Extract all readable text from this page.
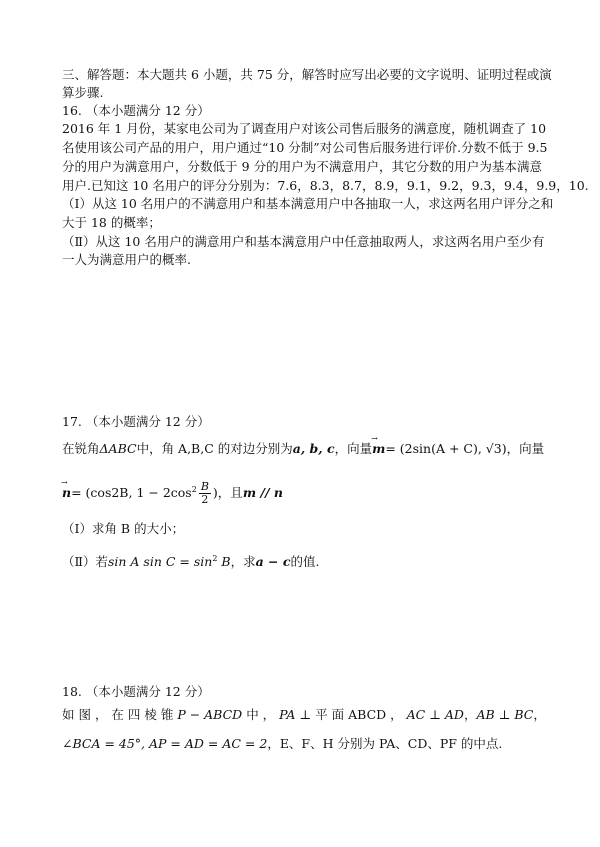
三、解答题：本大题共 6 小题，共 75 分，解答时应写出必要的文字说明、证明过程或演
算步骤.
16. （本小题满分 12 分）
2016 年 1 月份，某家电公司为了调查用户对该公司售后服务的满意度，随机调查了 10
名使用该公司产品的用户，用户通过“10 分制”对公司售后服务进行评价.分数不低于 9.5
分的用户为满意用户，分数低于 9 分的用户为不满意用户，其它分数的用户为基本满意
用户.已知这 10 名用户的评分分别为：7.6，8.3，8.7，8.9，9.1，9.2，9.3，9.4，9.9，10.
（Ⅰ）从这 10 名用户的不满意用户和基本满意用户中各抽取一人，求这两名用户评分之和
大于 18 的概率；
（Ⅱ）从这 10 名用户的满意用户和基本满意用户中任意抽取两人，求这两名用户至少有
一人为满意用户的概率.
17. （本小题满分 12 分）
在锐角ΔABC中，角 A,B,C 的对边分别为a, b, c，向量→ m= (2sin(A + C), √3)，向量
→ n= (cos2B, $1 - 2\cos^2 \frac{B}{2}$ )，且m // n
（Ⅰ）求角 B 的大小；
（Ⅱ）若sin A $\sin C = \sin^2 B$，求a − c的值.
18. （本小题满分 12 分）
如 图 ， 在 四 棱 锥 P − ABCD 中 ， PA ⊥ 平 面 ABCD ， AC ⊥ AD，AB ⊥ BC，
∠BCA = 45°, AP = AD = AC = 2，E、F、H 分别为 PA、CD、PF 的中点.
